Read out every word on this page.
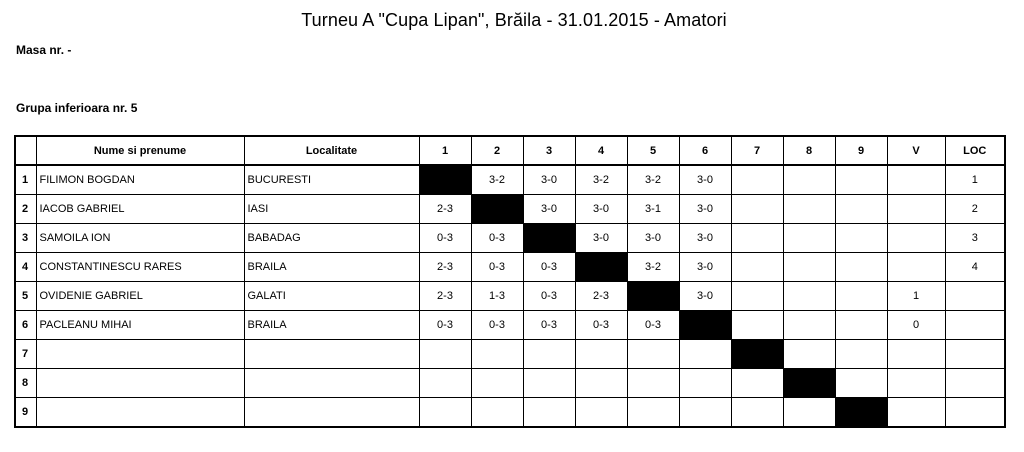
Turneu A "Cupa Lipan", Brăila - 31.01.2015 - Amatori
Masa nr. -
Grupa inferioara nr. 5
	Nume si prenume	Localitate	1	2	3	4	5	6	7	8	9	V	LOC
1	FILIMON BOGDAN	BUCURESTI		3-2	3-0	3-2	3-2	3-0					1
2	IACOB GABRIEL	IASI	2-3		3-0	3-0	3-1	3-0					2
3	SAMOILA ION	BABADAG	0-3	0-3		3-0	3-0	3-0					3
4	CONSTANTINESCU RARES	BRAILA	2-3	0-3	0-3		3-2	3-0					4
5	OVIDENIE GABRIEL	GALATI	2-3	1-3	0-3	2-3		3-0				1	
6	PACLEANU MIHAI	BRAILA	0-3	0-3	0-3	0-3	0-3					0	
7													
8													
9													
